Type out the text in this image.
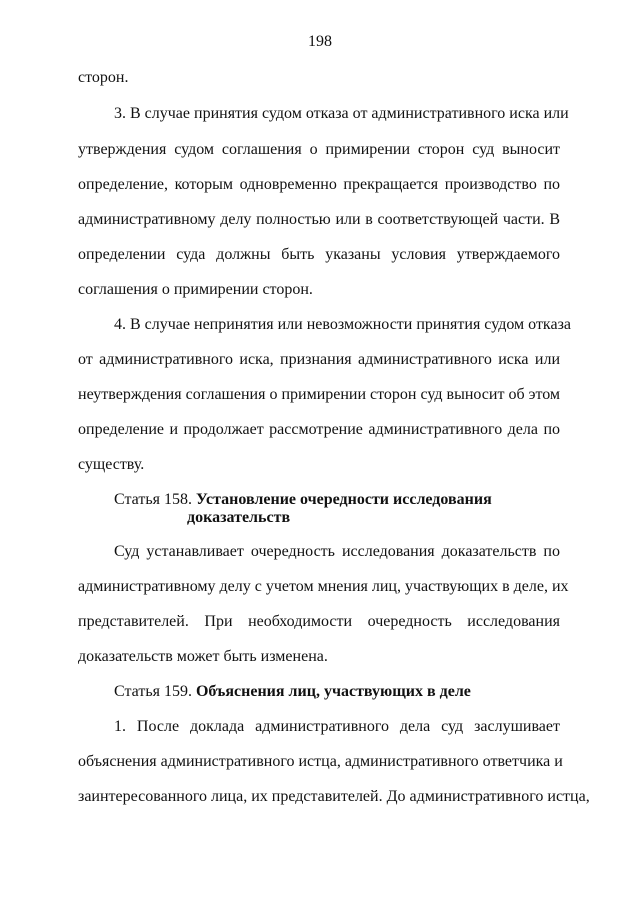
198
сторон.
3. В случае принятия судом отказа от административного иска или
утверждения судом соглашения о примирении сторон суд выносит
определение, которым одновременно прекращается производство по
административному делу полностью или в соответствующей части. В
определении суда должны быть указаны условия утверждаемого
соглашения о примирении сторон.
4. В случае непринятия или невозможности принятия судом отказа
от административного иска, признания административного иска или
неутверждения соглашения о примирении сторон суд выносит об этом
определение и продолжает рассмотрение административного дела по
существу.
Статья 158. Установление очередности исследования
доказательств
Суд устанавливает очередность исследования доказательств по
административному делу с учетом мнения лиц, участвующих в деле, их
представителей. При необходимости очередность исследования
доказательств может быть изменена.
Статья 159. Объяснения лиц, участвующих в деле
1. После доклада административного дела суд заслушивает
объяснения административного истца, административного ответчика и
заинтересованного лица, их представителей. До административного истца,
